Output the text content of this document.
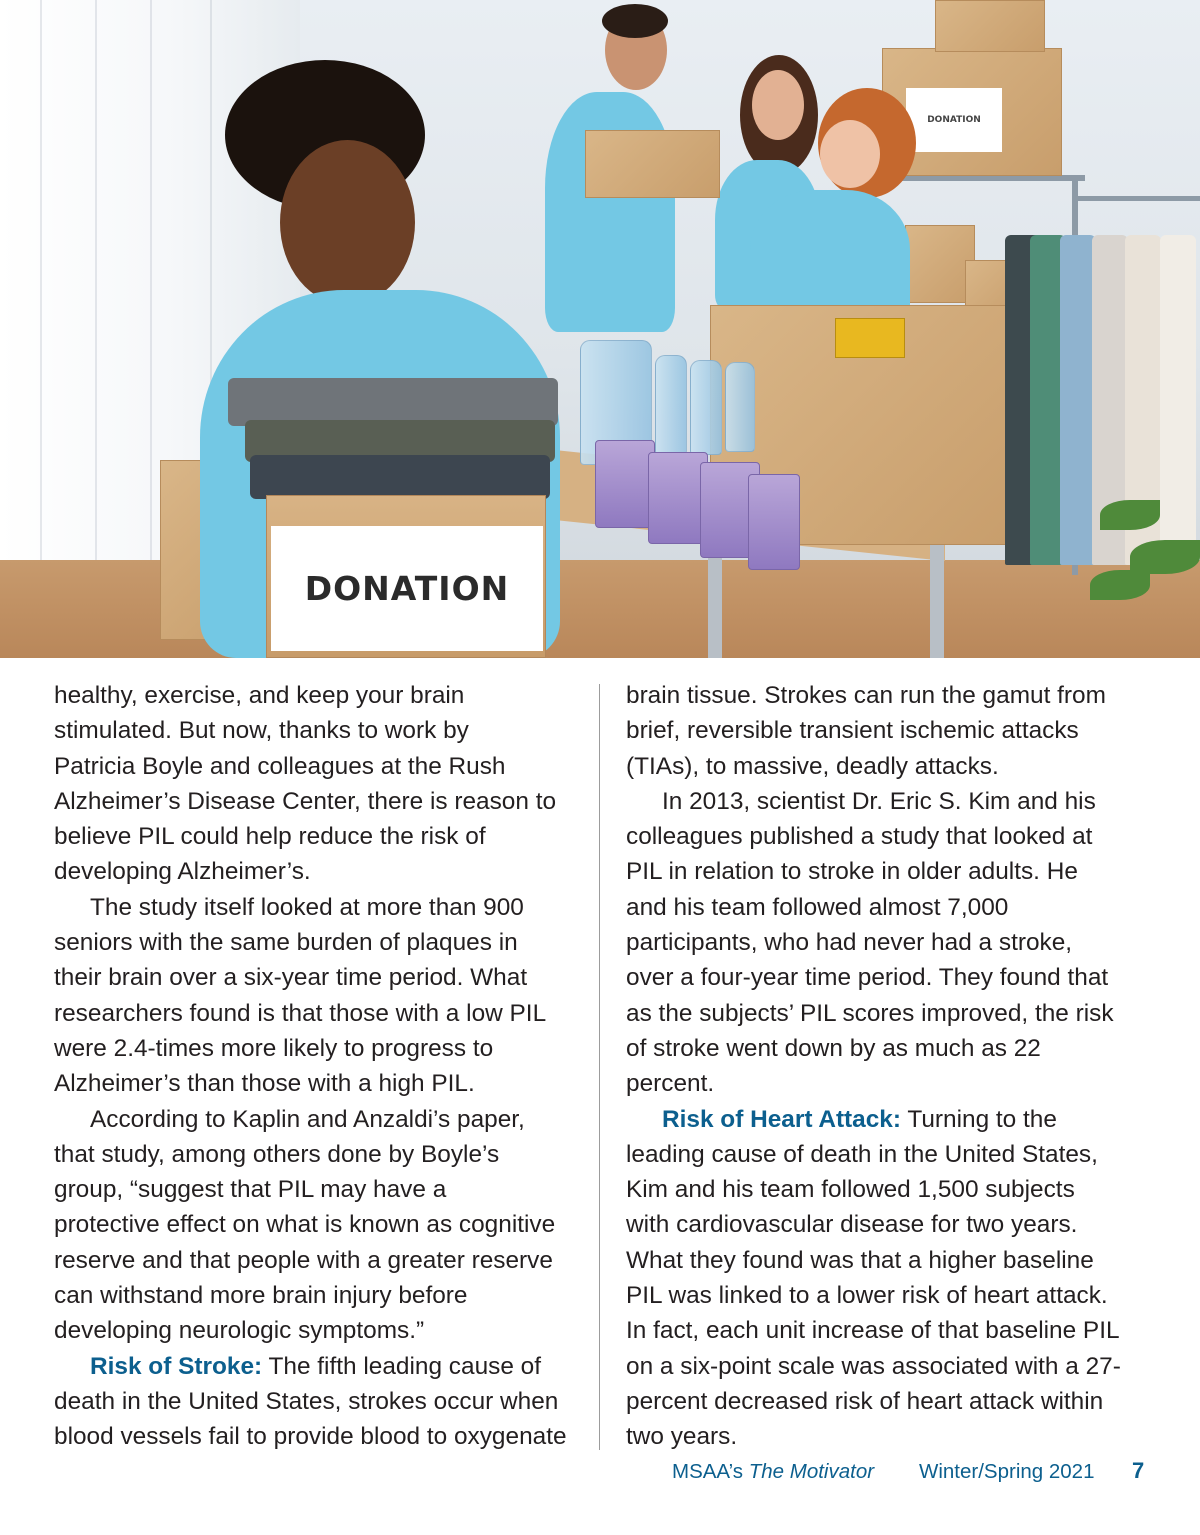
DONATION
DONATION

healthy, exercise, and keep your brain
stimulated. But now, thanks to work by
Patricia Boyle and colleagues at the Rush
Alzheimer’s Disease Center, there is reason to
believe PIL could help reduce the risk of
developing Alzheimer’s.

The study itself looked at more than 900
seniors with the same burden of plaques in
their brain over a six-year time period. What
researchers found is that those with a low PIL
were 2.4-times more likely to progress to
Alzheimer’s than those with a high PIL.

According to Kaplin and Anzaldi’s paper,
that study, among others done by Boyle’s
group, “suggest that PIL may have a
protective effect on what is known as cognitive
reserve and that people with a greater reserve
can withstand more brain injury before
developing neurologic symptoms.”

Risk of Stroke: The fifth leading cause of
death in the United States, strokes occur when
blood vessels fail to provide blood to oxygenate

brain tissue. Strokes can run the gamut from
brief, reversible transient ischemic attacks
(TIAs), to massive, deadly attacks.

In 2013, scientist Dr. Eric S. Kim and his
colleagues published a study that looked at
PIL in relation to stroke in older adults. He
and his team followed almost 7,000
participants, who had never had a stroke,
over a four-year time period. They found that
as the subjects’ PIL scores improved, the risk
of stroke went down by as much as 22
percent.

Risk of Heart Attack: Turning to the
leading cause of death in the United States,
Kim and his team followed 1,500 subjects
with cardiovascular disease for two years.
What they found was that a higher baseline
PIL was linked to a lower risk of heart attack.
In fact, each unit increase of that baseline PIL
on a six-point scale was associated with a 27-
percent decreased risk of heart attack within
two years.

MSAA’s The Motivator Winter/Spring 2021 7
